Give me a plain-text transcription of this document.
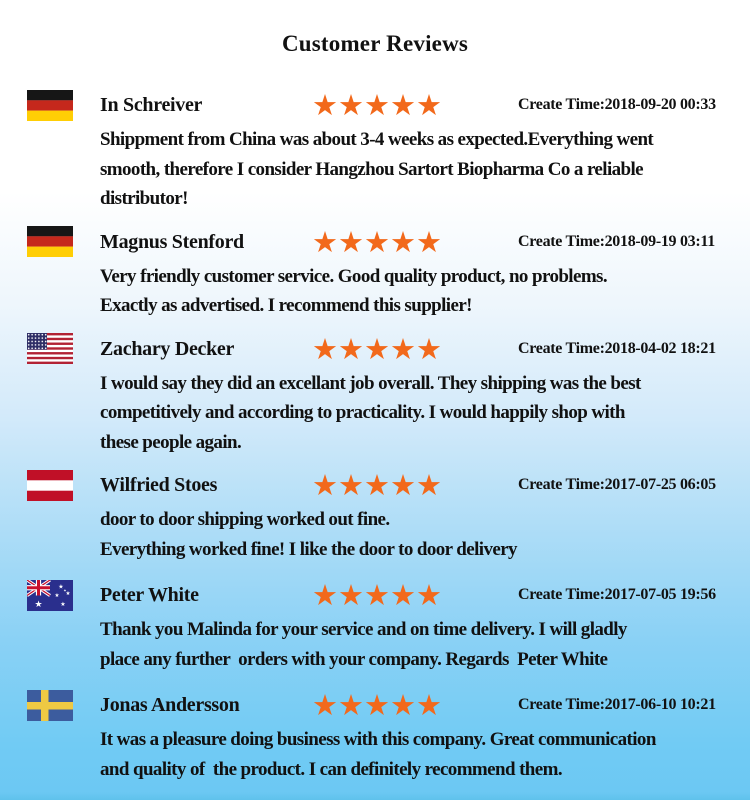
Customer Reviews
In Schreiver	★★★★★	Create Time:2018-09-20 00:33
Shippment from China was about 3-4 weeks as expected.Everything went
smooth, therefore I consider Hangzhou Sartort Biopharma Co a reliable
distributor!
Magnus Stenford	★★★★★	Create Time:2018-09-19 03:11
Very friendly customer service. Good quality product, no problems.
Exactly as advertised. I recommend this supplier!
Zachary Decker	★★★★★	Create Time:2018-04-02 18:21
I would say they did an excellant job overall. They shipping was the best
competitively and according to practicality. I would happily shop with
these people again.
Wilfried Stoes	★★★★★	Create Time:2017-07-25 06:05
door to door shipping worked out fine.
Everything worked fine! I like the door to door delivery
★
★
★
★
★
★ Peter White	★★★★★	Create Time:2017-07-05 19:56
Thank you Malinda for your service and on time delivery. I will gladly
place any further  orders with your company. Regards  Peter White
Jonas Andersson	★★★★★	Create Time:2017-06-10 10:21
It was a pleasure doing business with this company. Great communication
and quality of  the product. I can definitely recommend them.
